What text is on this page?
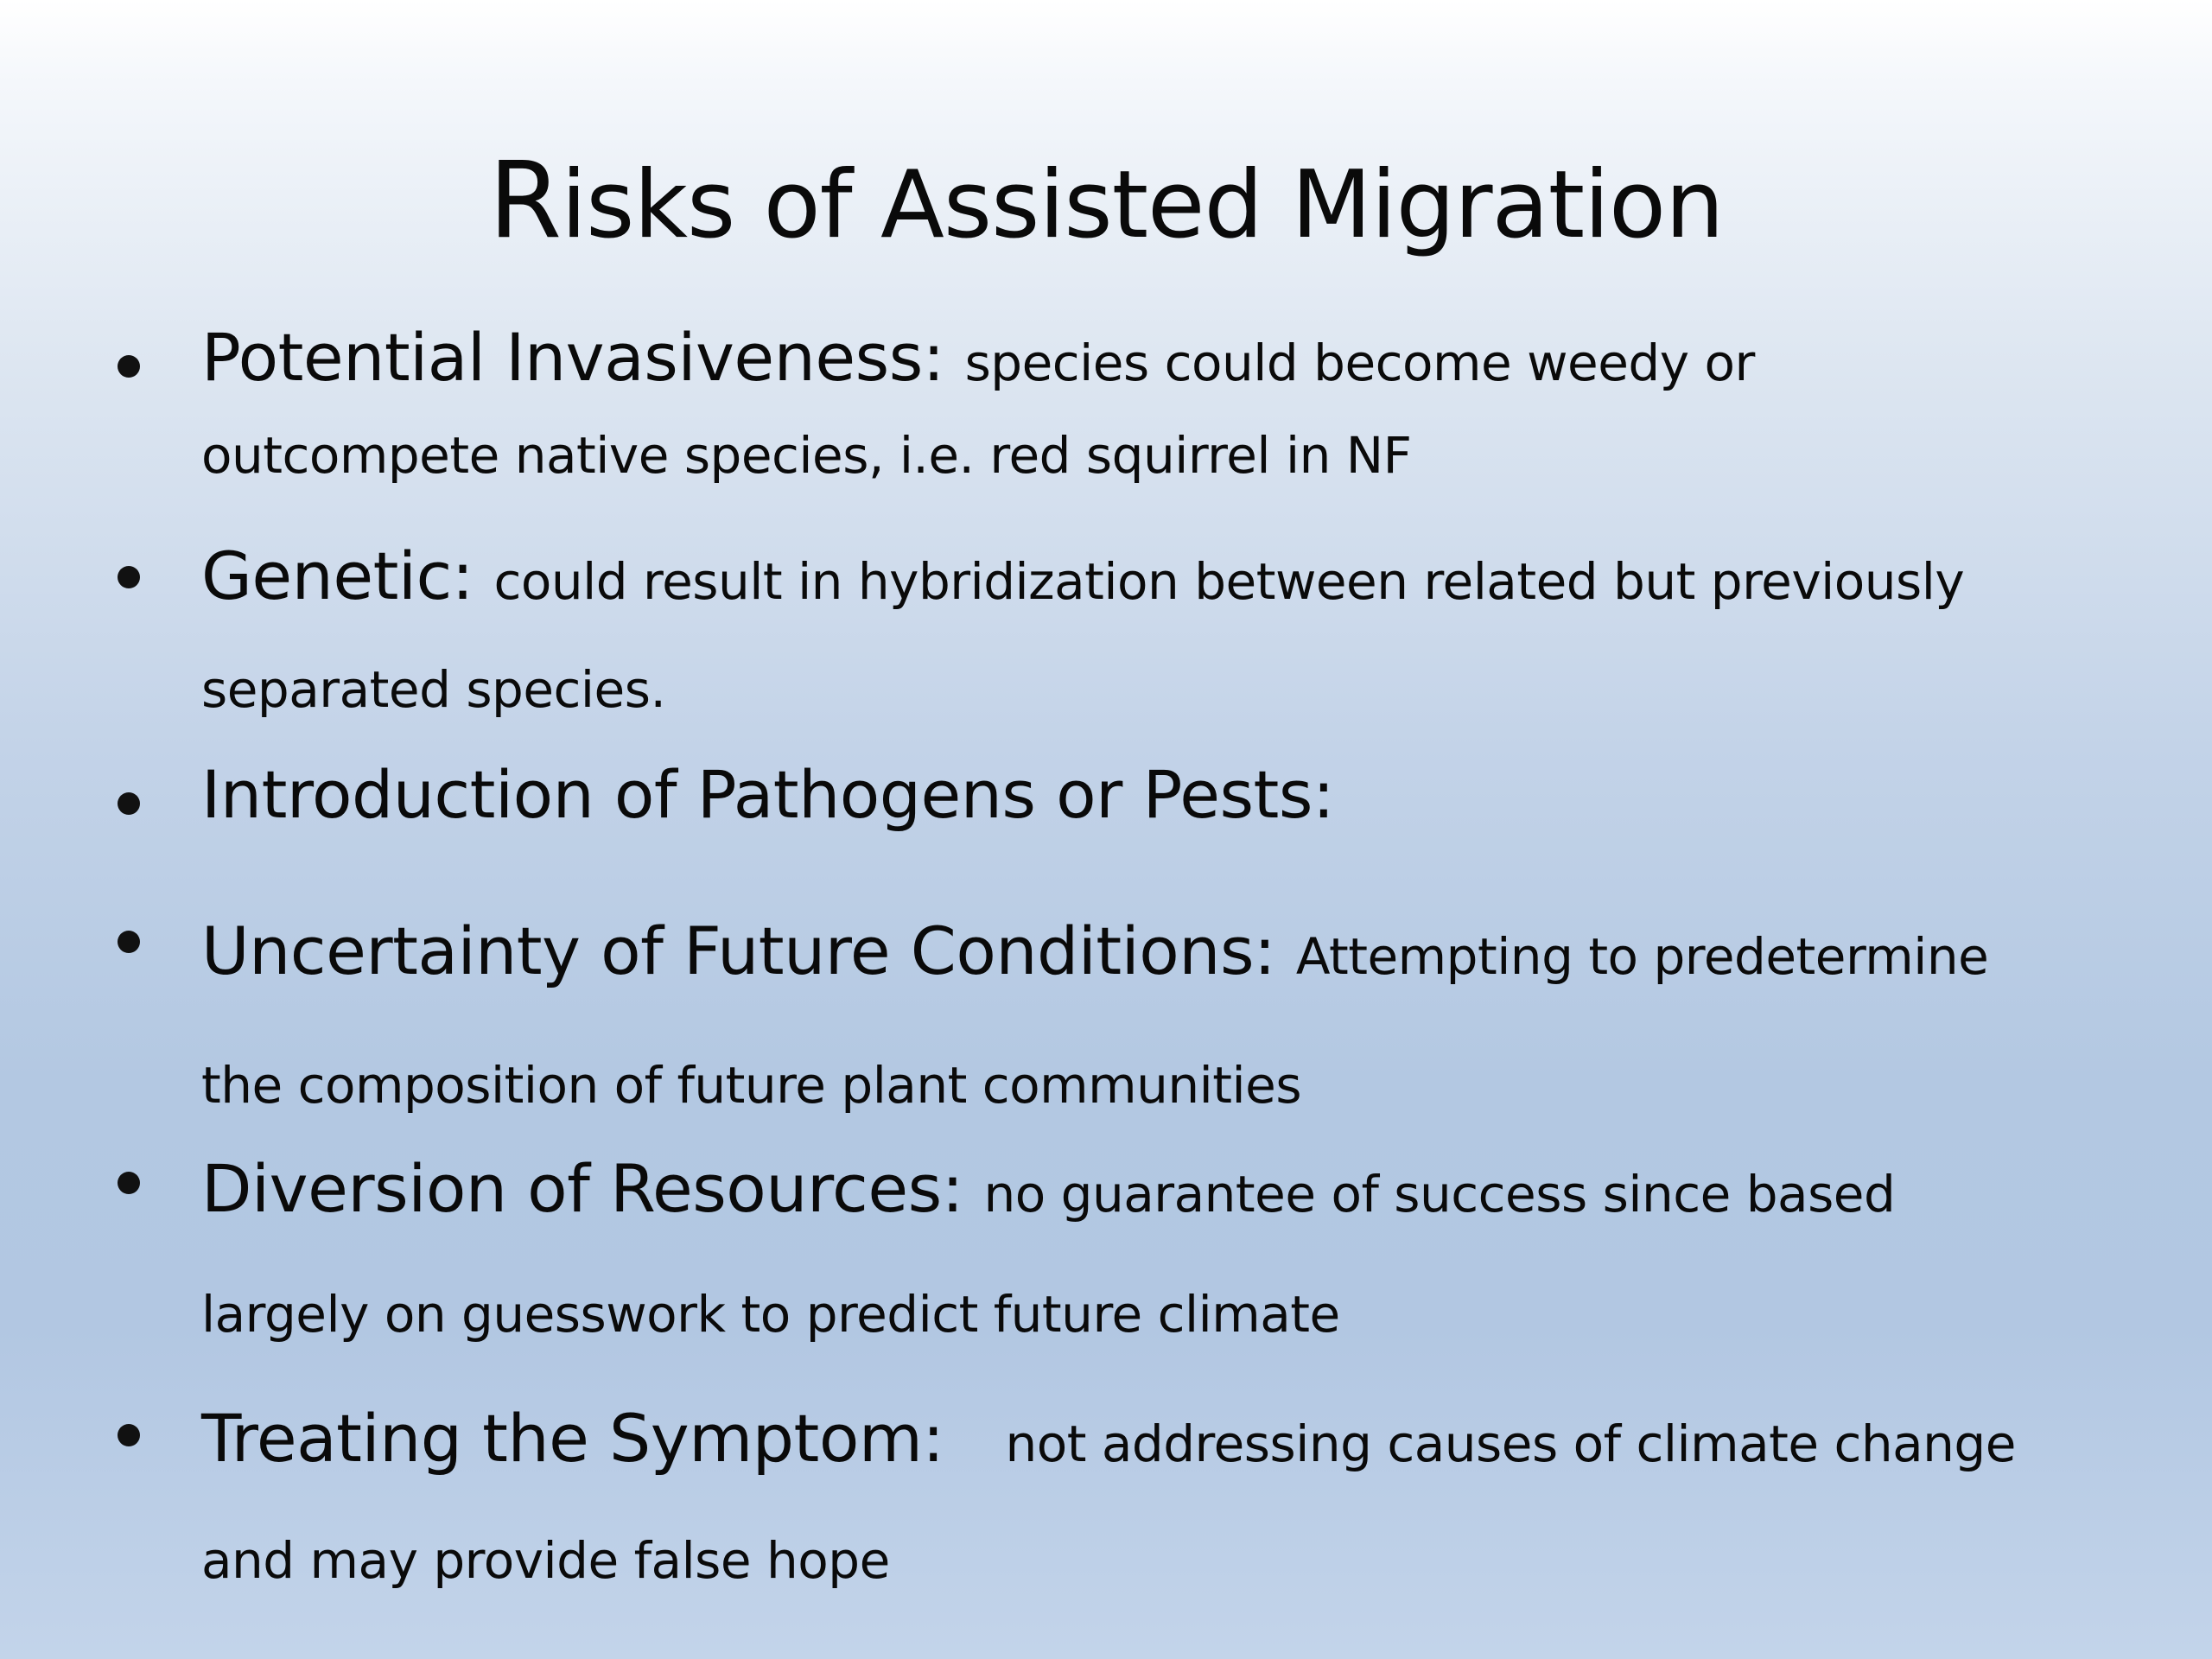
Risks of Assisted Migration
Potential Invasiveness: species could become weedy or
outcompete native species, i.e. red squirrel in NF
Genetic: could result in hybridization between related but previously
separated species.
Introduction of Pathogens or Pests:
Uncertainty of Future Conditions: Attempting to predetermine
the composition of future plant communities
Diversion of Resources: no guarantee of success since based
largely on guesswork to predict future climate
Treating the Symptom:   not addressing causes of climate change
and may provide false hope
